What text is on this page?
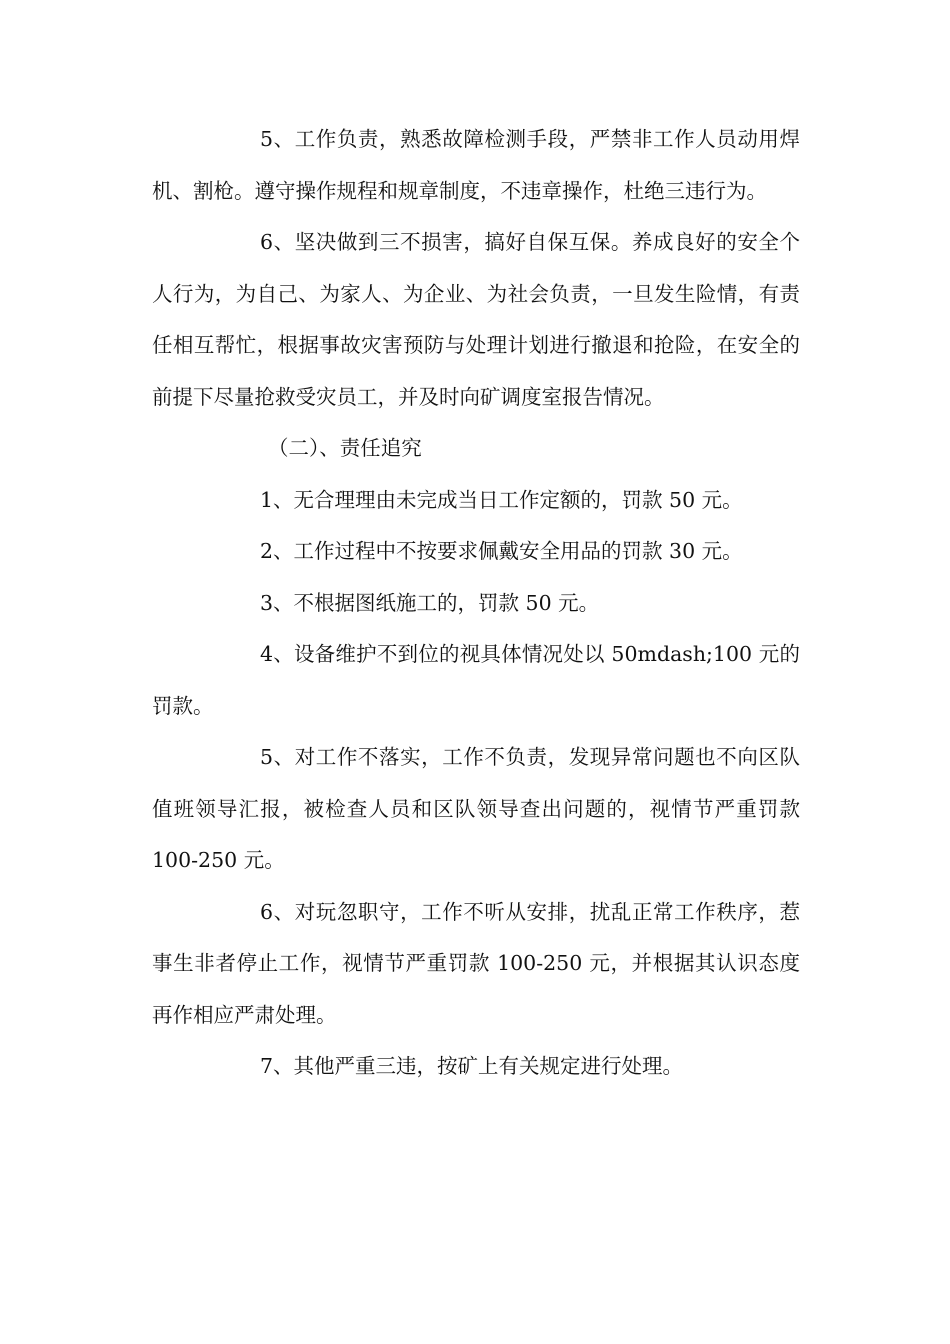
5、工作负责，熟悉故障检测手段，严禁非工作人员动用焊机、割枪。遵守操作规程和规章制度，不违章操作，杜绝三违行为。

6、坚决做到三不损害，搞好自保互保。养成良好的安全个人行为，为自己、为家人、为企业、为社会负责，一旦发生险情，有责任相互帮忙，根据事故灾害预防与处理计划进行撤退和抢险，在安全的前提下尽量抢救受灾员工，并及时向矿调度室报告情况。

（二）、责任追究

1、无合理理由未完成当日工作定额的，罚款 50 元。

2、工作过程中不按要求佩戴安全用品的罚款 30 元。

3、不根据图纸施工的，罚款 50 元。

4、设备维护不到位的视具体情况处以 50mdash;100 元的罚款。

5、对工作不落实，工作不负责，发现异常问题也不向区队值班领导汇报，被检查人员和区队领导查出问题的，视情节严重罚款 100-250 元。

6、对玩忽职守，工作不听从安排，扰乱正常工作秩序，惹事生非者停止工作，视情节严重罚款 100-250 元，并根据其认识态度再作相应严肃处理。

7、其他严重三违，按矿上有关规定进行处理。
